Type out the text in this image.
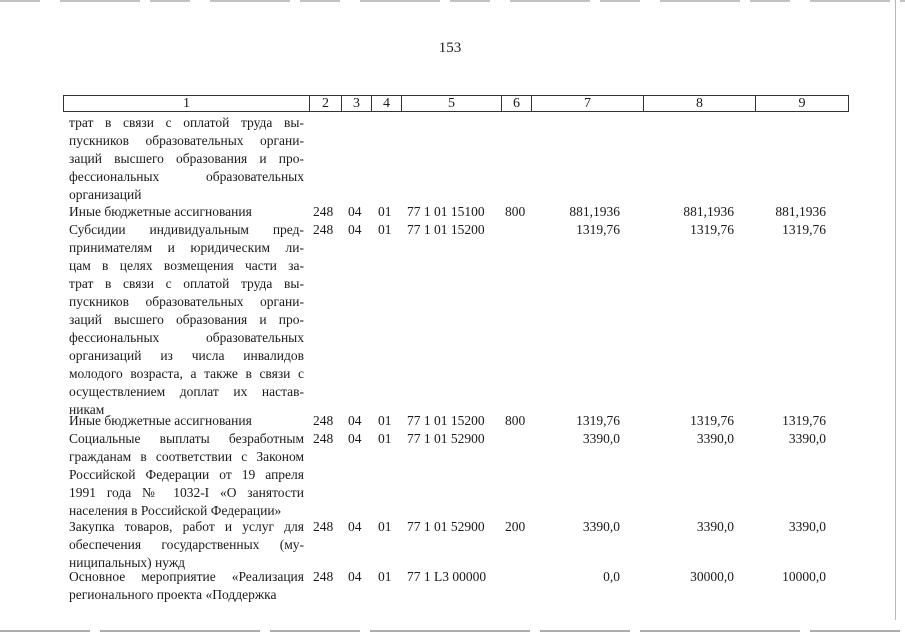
153
1	2	3	4	5	6	7	8	9
трат в связи с оплатой труда вы-
пускников образовательных органи-
заций высшего образования и про-
фессиональных образовательных
организаций
Иные бюджетные ассигнования	248 04 01 77 1 01 15100 800	881,1936	881,1936	881,1936
Субсидии индивидуальным пред-
принимателям и юридическим ли-
цам в целях возмещения части за-
трат в связи с оплатой труда вы-
пускников образовательных органи-
заций высшего образования и про-
фессиональных образовательных
организаций из числа инвалидов
молодого возраста, а также в связи с
осуществлением доплат их настав-
никам
248 04 01 77 1 01 15200	1319,76	1319,76	1319,76
Иные бюджетные ассигнования	248 04 01 77 1 01 15200 800	1319,76	1319,76	1319,76
Социальные выплаты безработным
гражданам в соответствии с Законом
Российской Федерации от 19 апреля
1991 года № 1032-I «О занятости
населения в Российской Федерации»
248 04 01 77 1 01 52900	3390,0	3390,0	3390,0
Закупка товаров, работ и услуг для
обеспечения государственных (му-
ниципальных) нужд
248 04 01 77 1 01 52900 200	3390,0	3390,0	3390,0
Основное мероприятие «Реализация
регионального проекта «Поддержка
248 04 01 77 1 L3 00000	0,0	30000,0	10000,0
